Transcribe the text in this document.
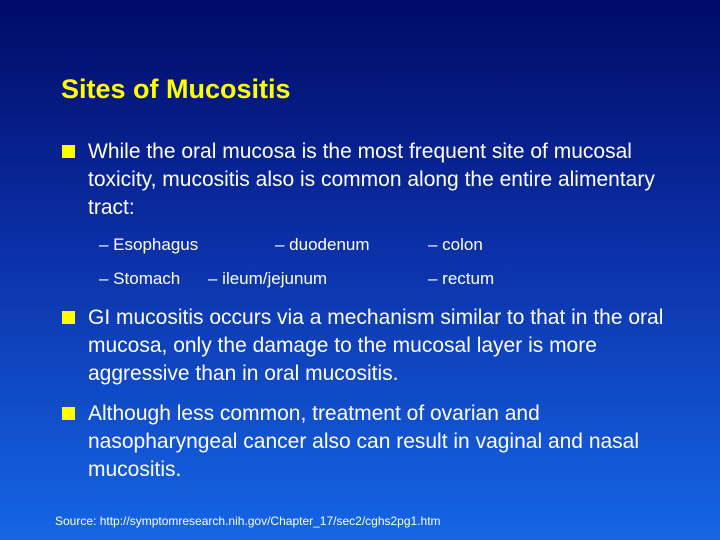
Sites of Mucositis
While the oral mucosa is the most frequent site of mucosal toxicity, mucositis also is common along the entire alimentary tract:
– Esophagus	– duodenum	– colon
– Stomach – ileum/jejunum	– rectum
GI mucositis occurs via a mechanism similar to that in the oral mucosa, only the damage to the mucosal layer is more aggressive than in oral mucositis.
Although less common, treatment of ovarian and nasopharyngeal cancer also can result in vaginal and nasal mucositis.
Source: http://symptomresearch.nih.gov/Chapter_17/sec2/cghs2pg1.htm
